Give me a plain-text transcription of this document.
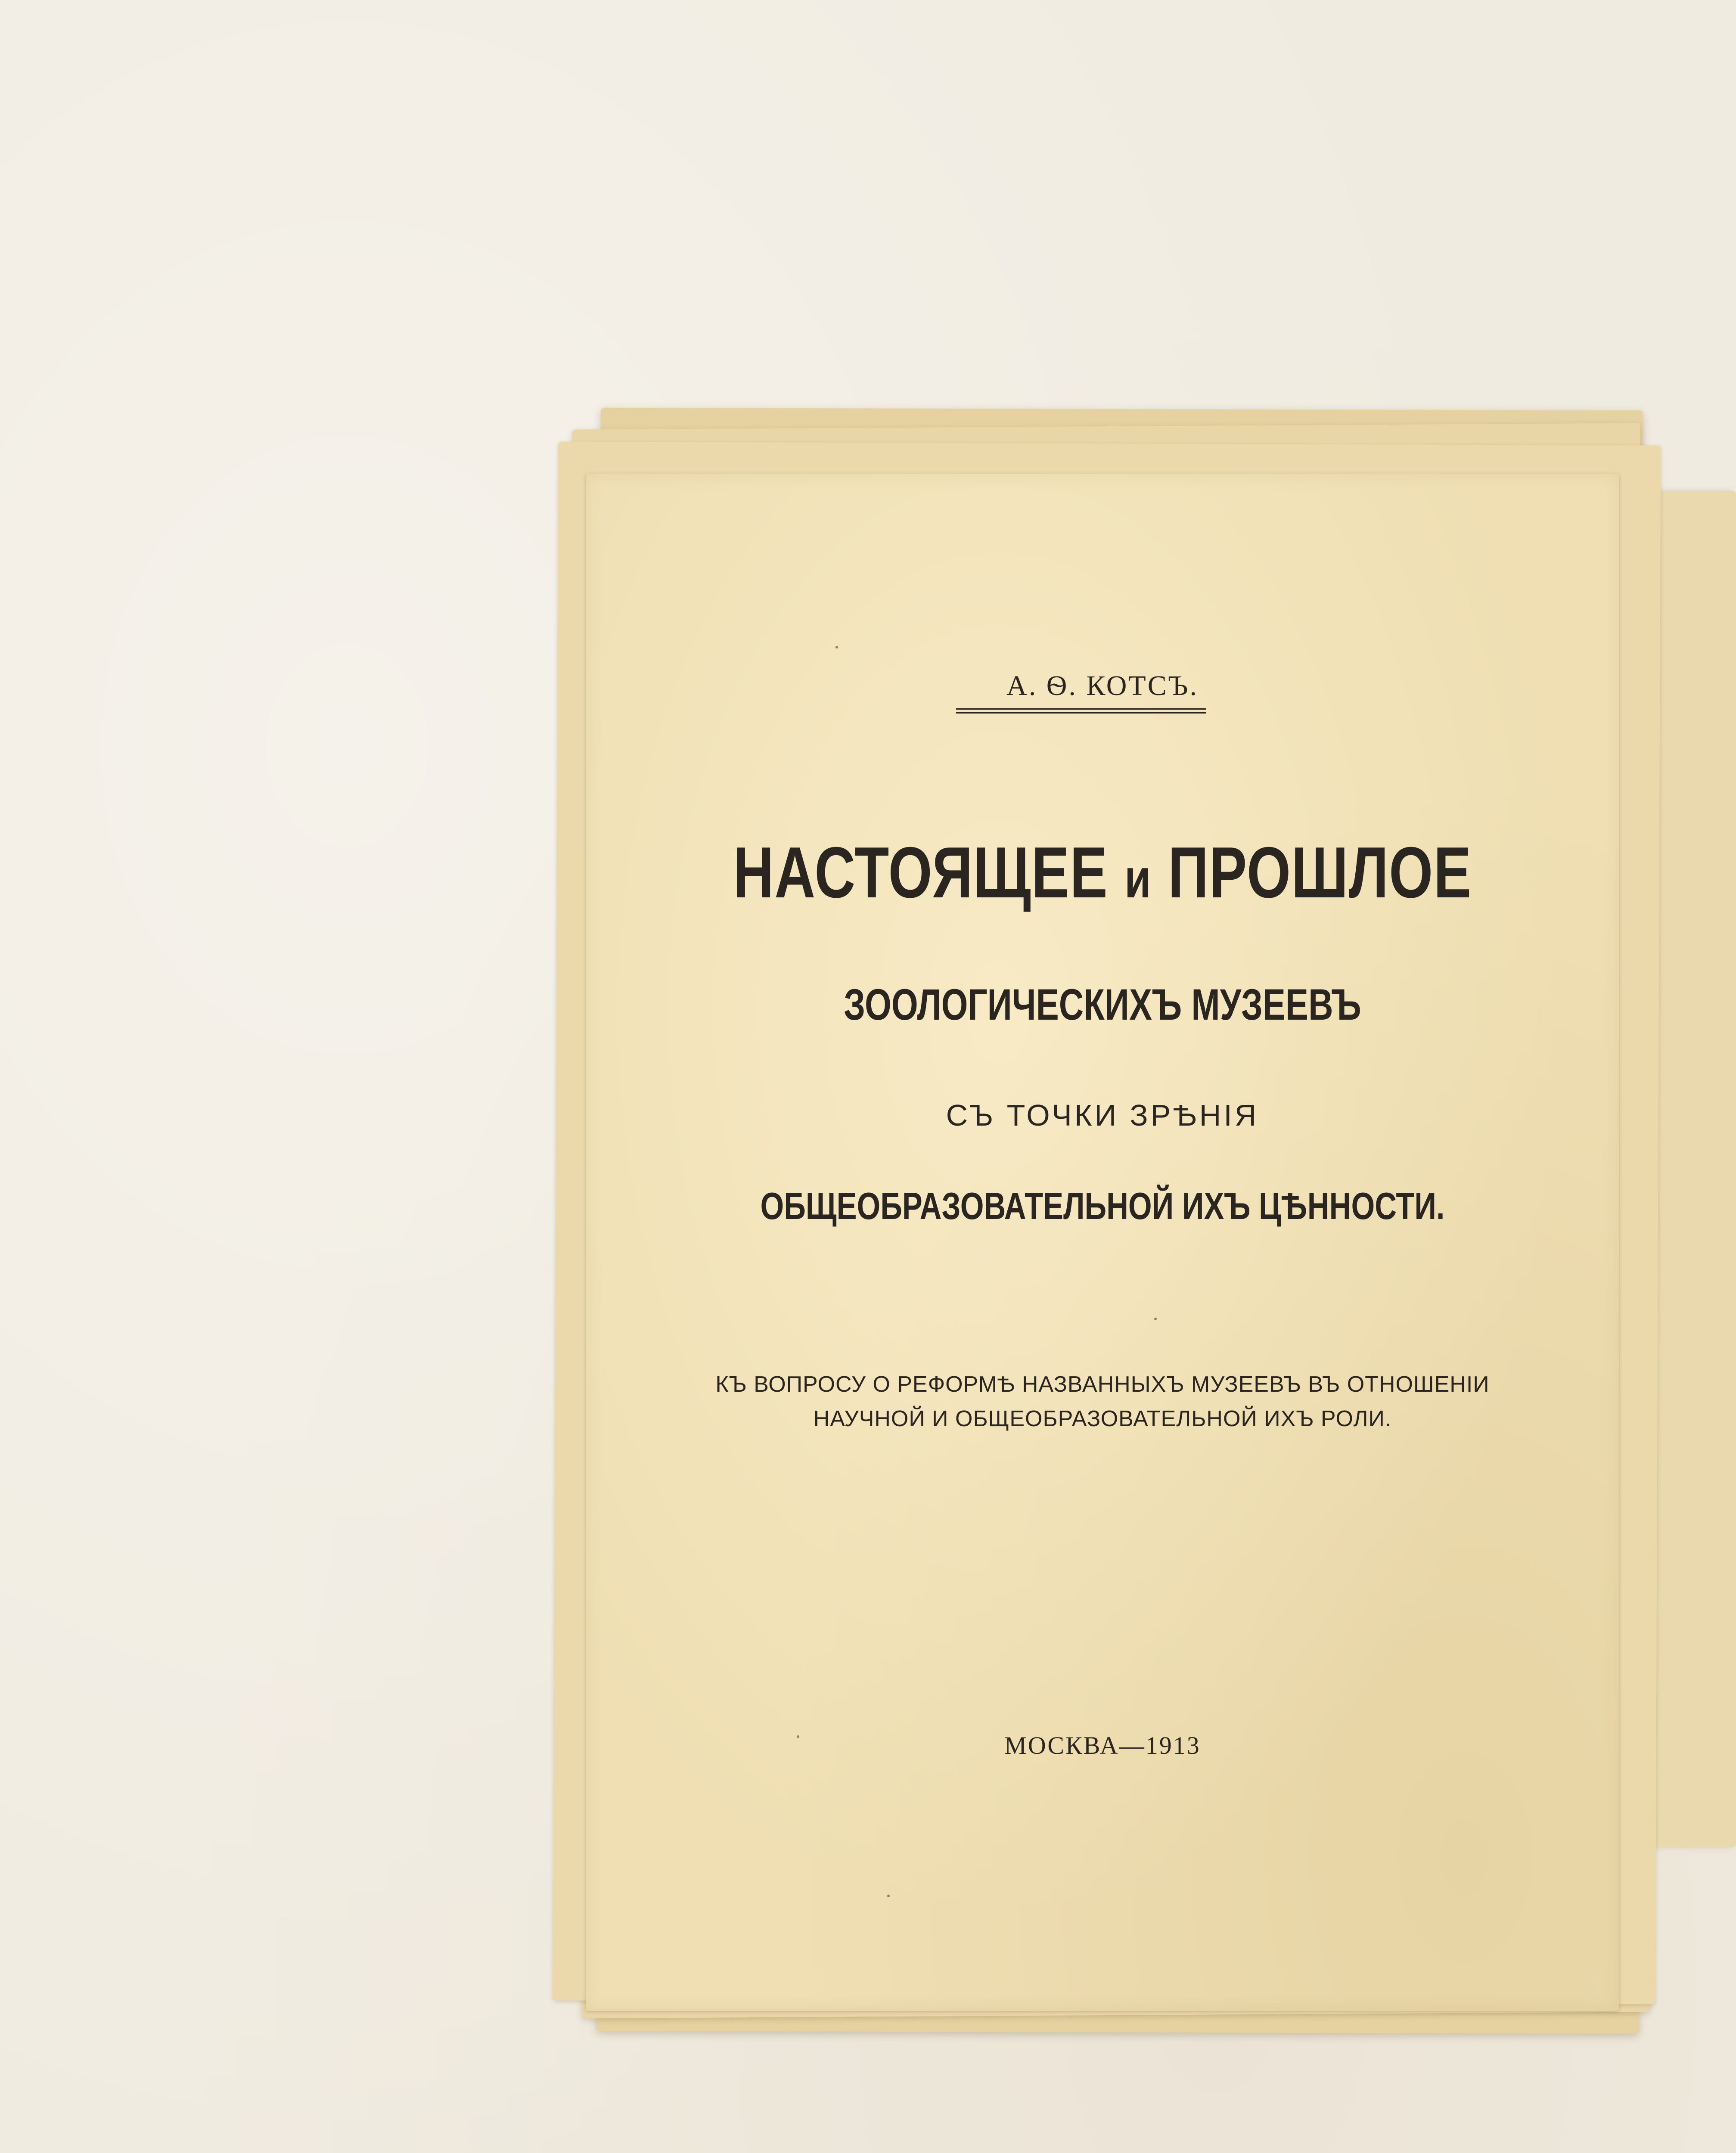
А. Ѳ. КОТСЪ.
НАСТОЯЩЕЕ и ПРОШЛОЕ
ЗООЛОГИЧЕСКИХЪ МУЗЕЕВЪ
СЪ ТОЧКИ ЗРѢНІЯ
ОБЩЕОБРАЗОВАТЕЛЬНОЙ ИХЪ ЦѢННОСТИ.
КЪ ВОПРОСУ О РЕФОРМѢ НАЗВАННЫХЪ МУЗЕЕВЪ ВЪ ОТНОШЕНІИ
НАУЧНОЙ И ОБЩЕОБРАЗОВАТЕЛЬНОЙ ИХЪ РОЛИ.
МОСКВА—1913
